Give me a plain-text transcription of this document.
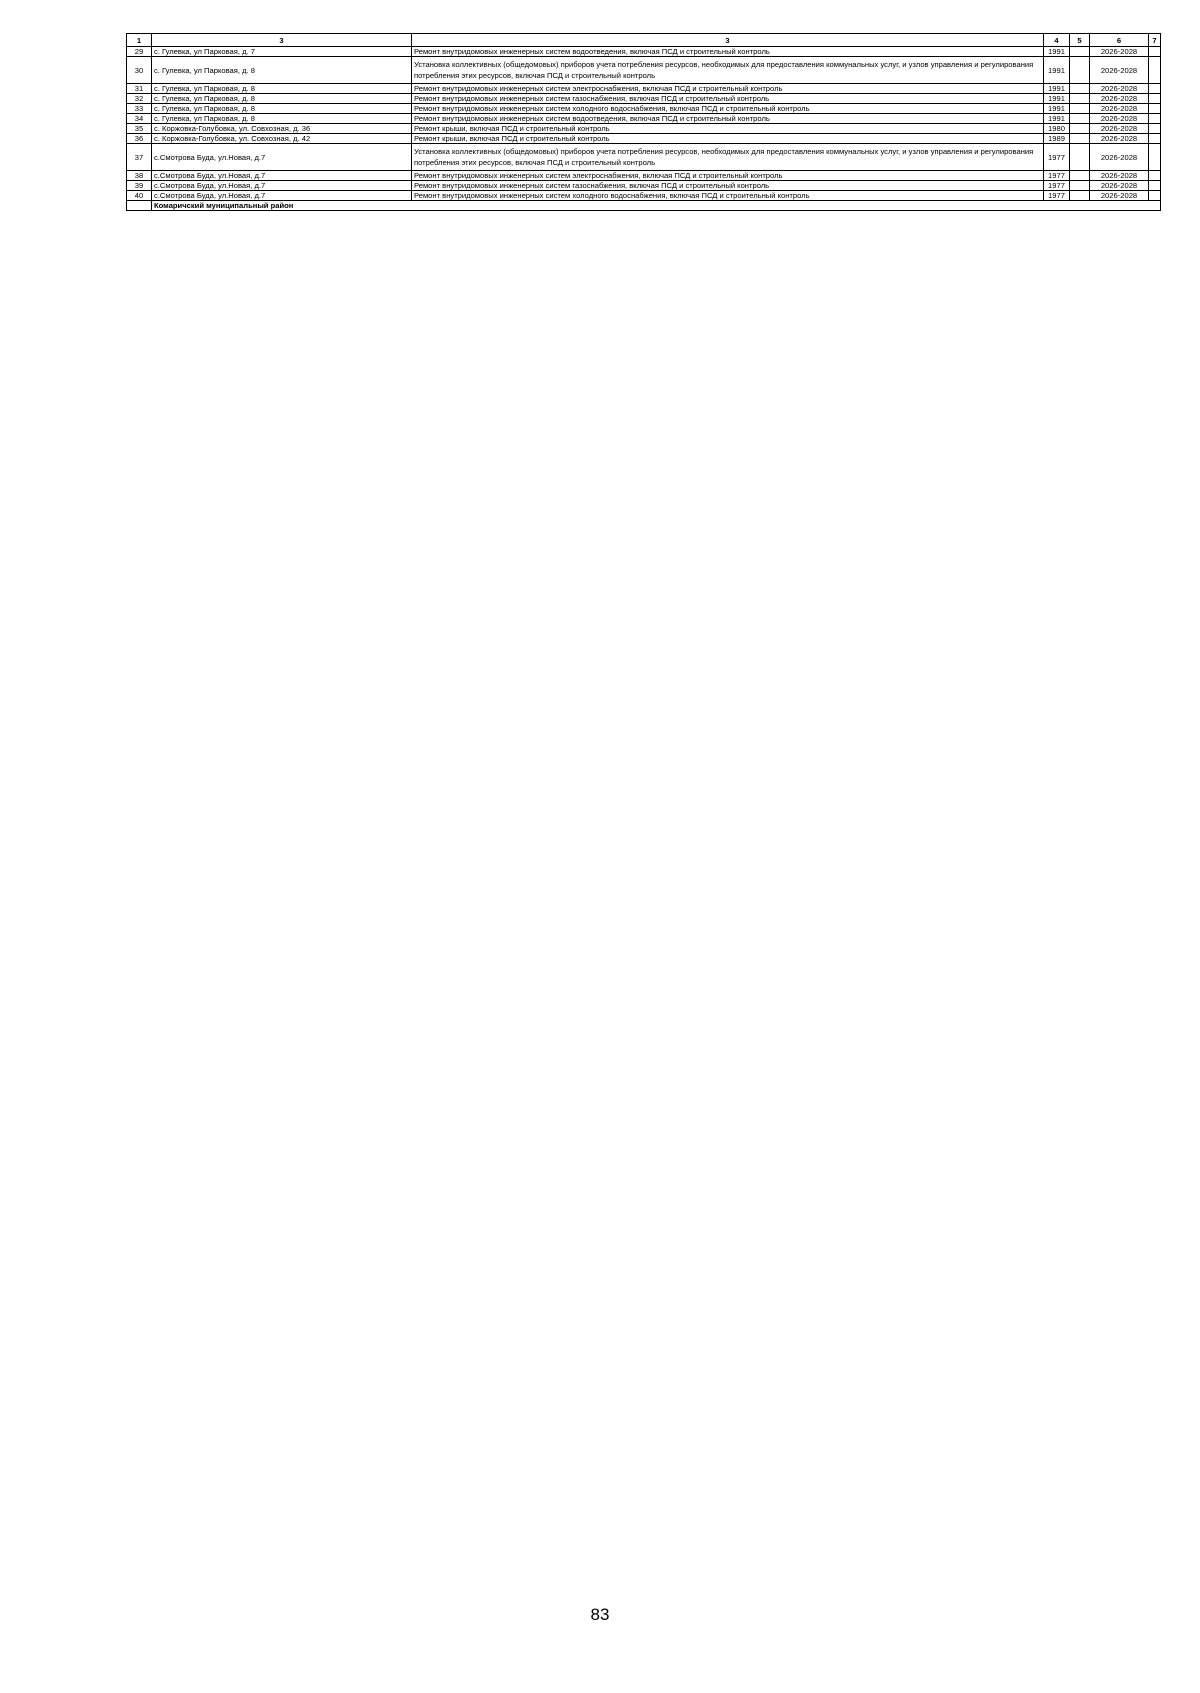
1	3	3	4	5	6	7
29	с. Гулевка, ул Парковая, д. 7	Ремонт внутридомовых инженерных систем водоотведения, включая ПСД и строительный контроль	1991		2026-2028	
30	с. Гулевка, ул Парковая, д. 8	Установка коллективных (общедомовых) приборов учета потребления ресурсов, необходимых для предоставления коммунальных услуг, и узлов управления и регулирования потребления этих ресурсов, включая ПСД и строительный контроль	1991		2026-2028	
31	с. Гулевка, ул Парковая, д. 8	Ремонт внутридомовых инженерных систем электроснабжения, включая ПСД и строительный контроль	1991		2026-2028	
32	с. Гулевка, ул Парковая, д. 8	Ремонт внутридомовых инженерных систем газоснабжения, включая ПСД и строительный контроль	1991		2026-2028	
33	с. Гулевка, ул Парковая, д. 8	Ремонт внутридомовых инженерных систем холодного водоснабжения, включая ПСД и строительный контроль	1991		2026-2028	
34	с. Гулевка, ул Парковая, д. 8	Ремонт внутридомовых инженерных систем водоотведения, включая ПСД и строительный контроль	1991		2026-2028	
35	с. Коржовка-Голубовка, ул. Совхозная, д. 36	Ремонт крыши, включая ПСД и строительный контроль	1980		2026-2028	
36	с. Коржовка-Голубовка, ул. Совхозная, д. 42	Ремонт крыши, включая ПСД и строительный контроль	1989		2026-2028	
37	с.Смотрова Буда, ул.Новая, д.7	Установка коллективных (общедомовых) приборов учета потребления ресурсов, необходимых для предоставления коммунальных услуг, и узлов управления и регулирования потребления этих ресурсов, включая ПСД и строительный контроль	1977		2026-2028	
38	с.Смотрова Буда, ул.Новая, д.7	Ремонт внутридомовых инженерных систем электроснабжения, включая ПСД и строительный контроль	1977		2026-2028	
39	с.Смотрова Буда, ул.Новая, д.7	Ремонт внутридомовых инженерных систем газоснабжения, включая ПСД и строительный контроль	1977		2026-2028	
40	с.Смотрова Буда, ул.Новая, д.7	Ремонт внутридомовых инженерных систем холодного водоснабжения, включая ПСД и строительный контроль	1977		2026-2028	
	Комаричский муниципальный район					
83
